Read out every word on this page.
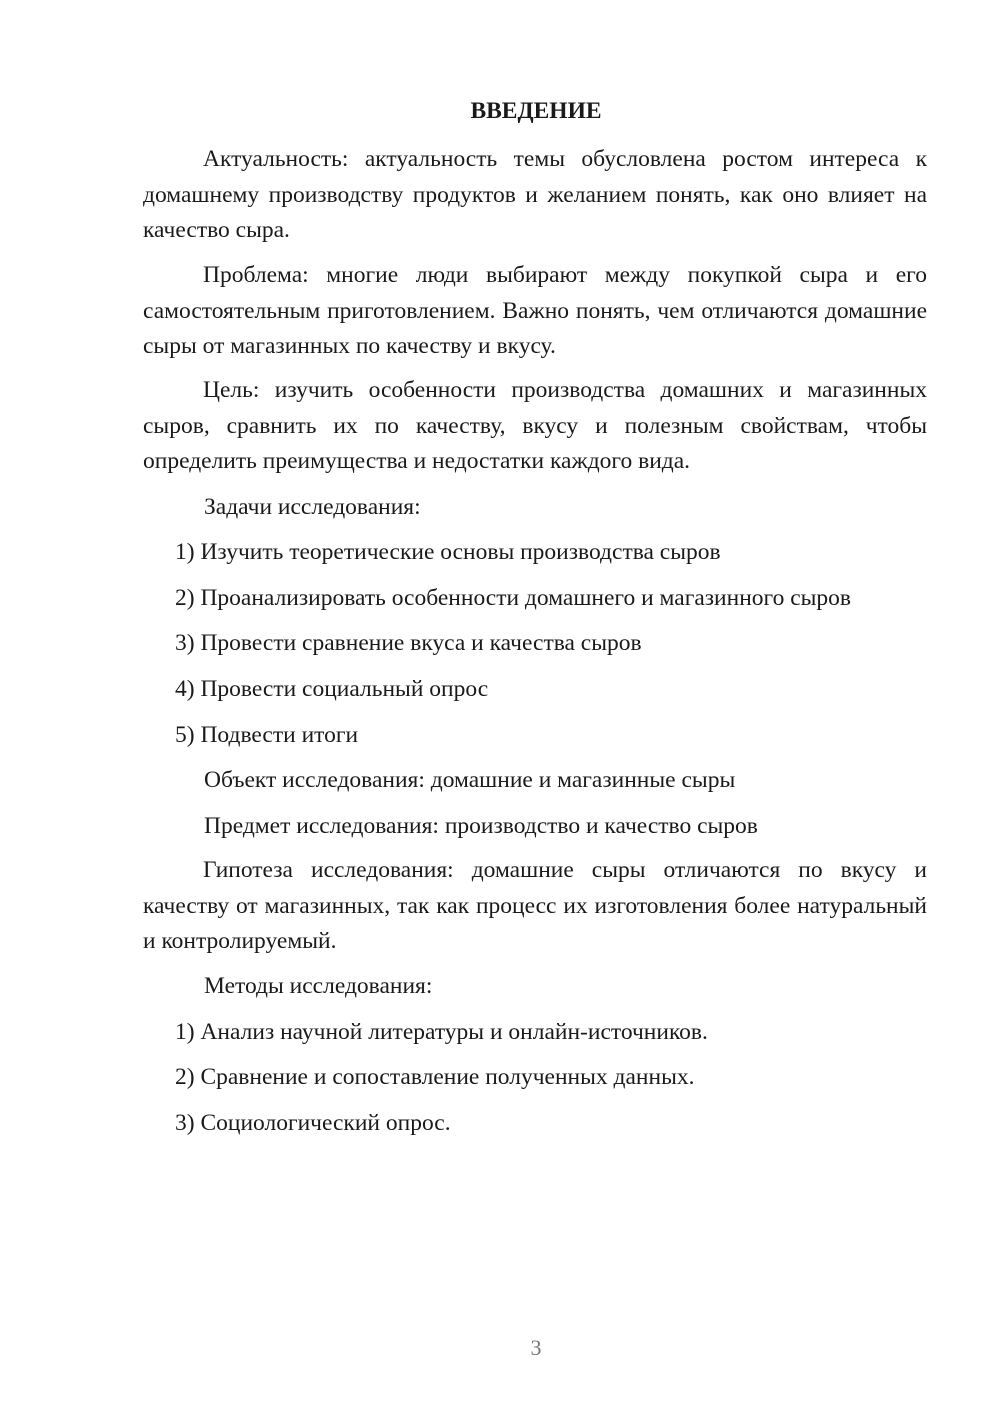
ВВЕДЕНИЕ

Актуальность: актуальность темы обусловлена ростом интереса к домашнему производству продуктов и желанием понять, как оно влияет на качество сыра.

Проблема: многие люди выбирают между покупкой сыра и его самостоятельным приготовлением. Важно понять, чем отличаются домашние сыры от магазинных по качеству и вкусу.

Цель: изучить особенности производства домашних и магазинных сыров, сравнить их по качеству, вкусу и полезным свойствам, чтобы определить преимущества и недостатки каждого вида.

Задачи исследования:

1) Изучить теоретические основы производства сыров

2) Проанализировать особенности домашнего и магазинного сыров

3) Провести сравнение вкуса и качества сыров

4) Провести социальный опрос

5) Подвести итоги

Объект исследования: домашние и магазинные сыры

Предмет исследования: производство и качество сыров

Гипотеза исследования: домашние сыры отличаются по вкусу и качеству от магазинных, так как процесс их изготовления более натуральный и контролируемый.

Методы исследования:

1) Анализ научной литературы и онлайн-источников.

2) Сравнение и сопоставление полученных данных.

3) Социологический опрос.

3
